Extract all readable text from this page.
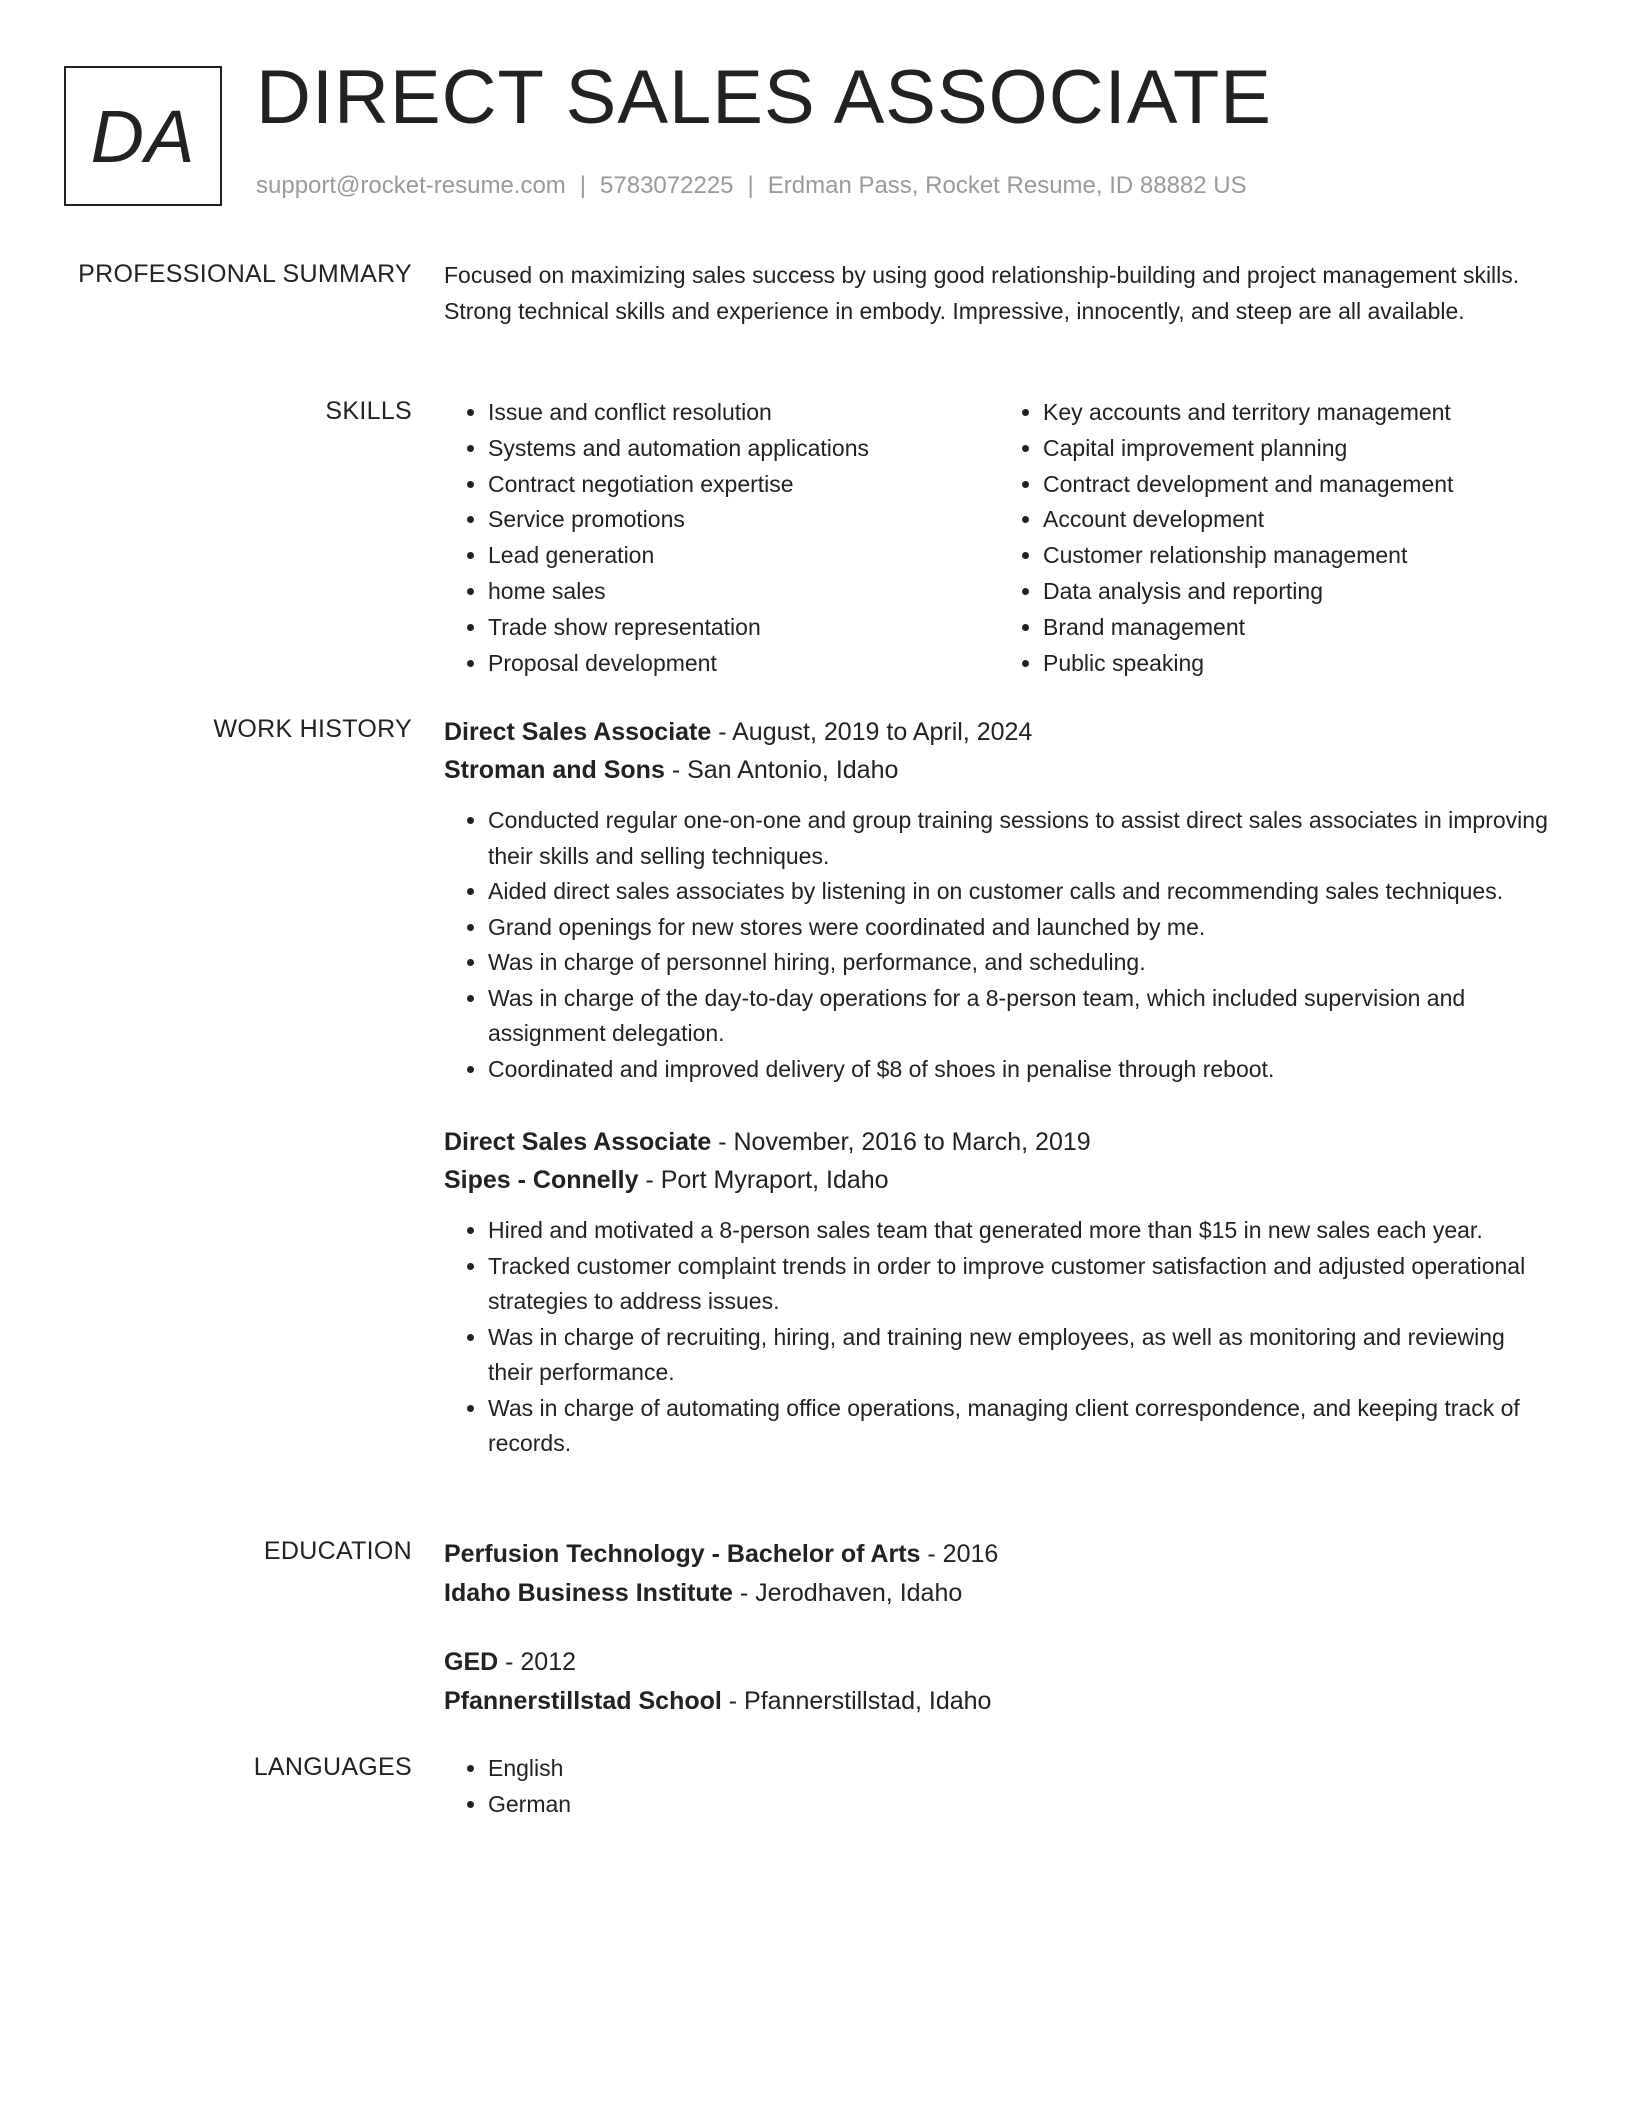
DA DIRECT SALES ASSOCIATE
support@rocket-resume.com | 5783072225 | Erdman Pass, Rocket Resume, ID 88882 US
PROFESSIONAL SUMMARY Focused on maximizing sales success by using good relationship-building and project management skills. Strong technical skills and experience in embody. Impressive, innocently, and steep are all available.
SKILLS	• Issue and conflict resolution
• Systems and automation applications
• Contract negotiation expertise
• Service promotions
• Lead generation
• home sales
• Trade show representation
• Proposal development
• Key accounts and territory management
• Capital improvement planning
• Contract development and management
• Account development
• Customer relationship management
• Data analysis and reporting
• Brand management
• Public speaking
WORK HISTORY Direct Sales Associate - August, 2019 to April, 2024
Stroman and Sons - San Antonio, Idaho
• Conducted regular one-on-one and group training sessions to assist direct sales associates in improving their skills and selling techniques.
• Aided direct sales associates by listening in on customer calls and recommending sales techniques.
• Grand openings for new stores were coordinated and launched by me.
• Was in charge of personnel hiring, performance, and scheduling.
• Was in charge of the day-to-day operations for a 8-person team, which included supervision and assignment delegation.
• Coordinated and improved delivery of $8 of shoes in penalise through reboot.
Direct Sales Associate - November, 2016 to March, 2019
Sipes - Connelly - Port Myraport, Idaho
• Hired and motivated a 8-person sales team that generated more than $15 in new sales each year.
• Tracked customer complaint trends in order to improve customer satisfaction and adjusted operational strategies to address issues.
• Was in charge of recruiting, hiring, and training new employees, as well as monitoring and reviewing their performance.
• Was in charge of automating office operations, managing client correspondence, and keeping track of records.
EDUCATION Perfusion Technology - Bachelor of Arts - 2016
Idaho Business Institute - Jerodhaven, Idaho
GED - 2012
Pfannerstillstad School - Pfannerstillstad, Idaho
LANGUAGES	• English
• German
